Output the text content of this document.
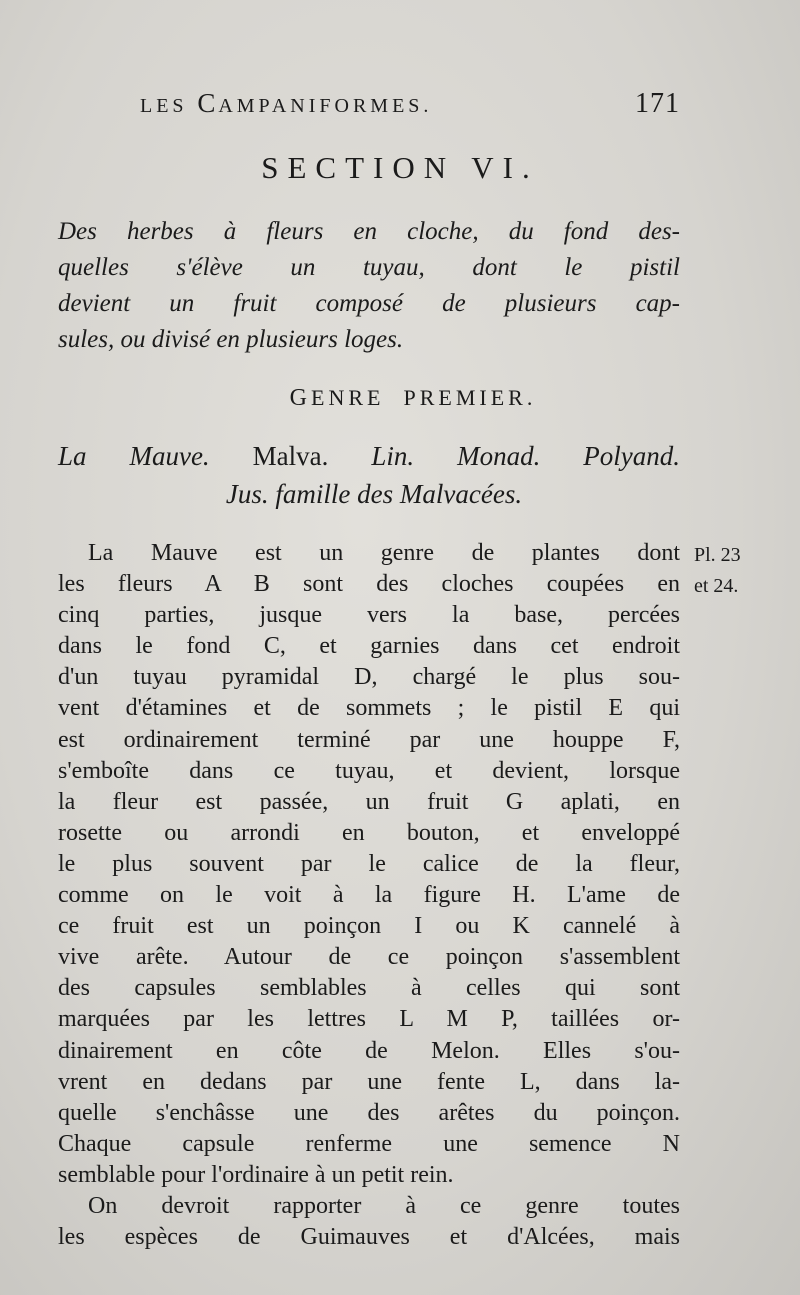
LES CAMPANIFORMES.	171
SECTION VI.
Des herbes à fleurs en cloche, du fond des-
quelles s'élève un tuyau, dont le pistil
devient un fruit composé de plusieurs cap-
sules, ou divisé en plusieurs loges.
GENRE PREMIER.
La Mauve. Malva. Lin. Monad. Polyand.
Jus. famille des Malvacées.
Pl. 23
et 24.
La Mauve est un genre de plantes dont
les fleurs A B sont des cloches coupées en
cinq parties, jusque vers la base, percées
dans le fond C, et garnies dans cet endroit
d'un tuyau pyramidal D, chargé le plus sou-
vent d'étamines et de sommets ; le pistil E qui
est ordinairement terminé par une houppe F,
s'emboîte dans ce tuyau, et devient, lorsque
la fleur est passée, un fruit G aplati, en
rosette ou arrondi en bouton, et enveloppé
le plus souvent par le calice de la fleur,
comme on le voit à la figure H. L'ame de
ce fruit est un poinçon I ou K cannelé à
vive arête. Autour de ce poinçon s'assemblent
des capsules semblables à celles qui sont
marquées par les lettres L M P, taillées or-
dinairement en côte de Melon. Elles s'ou-
vrent en dedans par une fente L, dans la-
quelle s'enchâsse une des arêtes du poinçon.
Chaque capsule renferme une semence N
semblable pour l'ordinaire à un petit rein.
On devroit rapporter à ce genre toutes
les espèces de Guimauves et d'Alcées, mais
